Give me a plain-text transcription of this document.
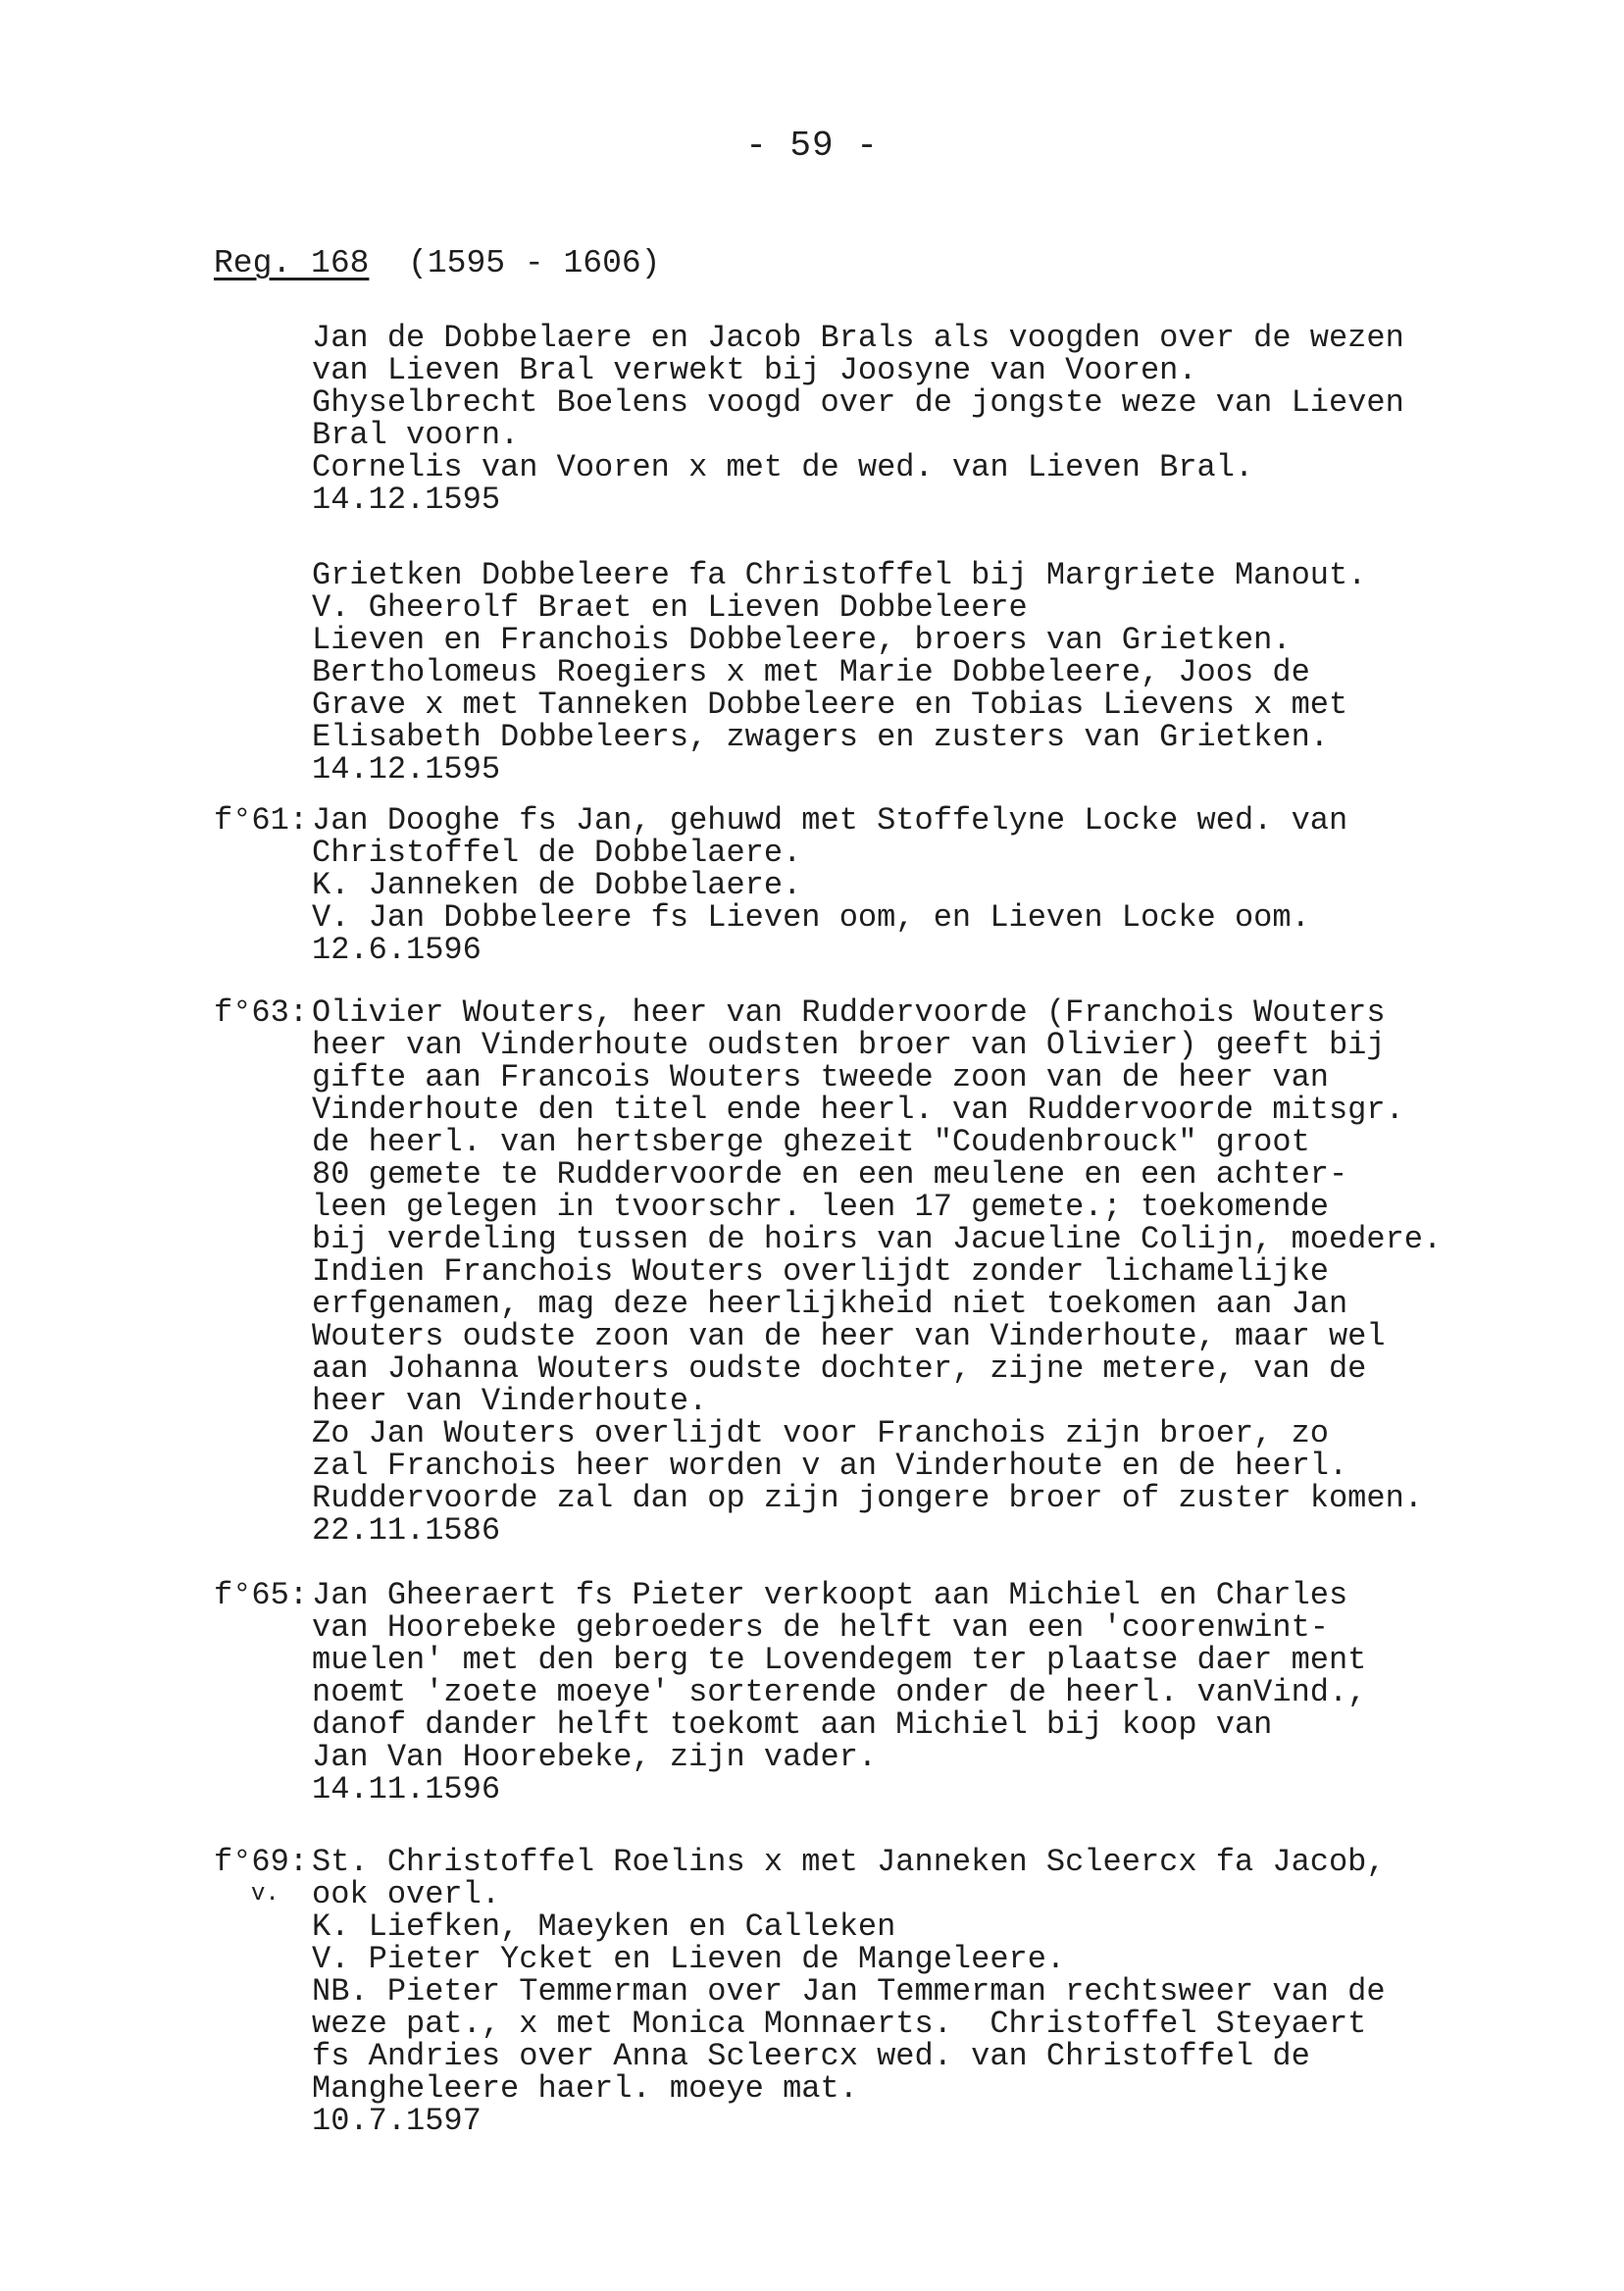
- 59 -
Reg. 168 (1595 - 1606)
Jan de Dobbelaere en Jacob Brals als voogden over de wezen
van Lieven Bral verwekt bij Joosyne van Vooren.
Ghyselbrecht Boelens voogd over de jongste weze van Lieven
Bral voorn.
Cornelis van Vooren x met de wed. van Lieven Bral.
14.12.1595
Grietken Dobbeleere fa Christoffel bij Margriete Manout.
V. Gheerolf Braet en Lieven Dobbeleere
Lieven en Franchois Dobbeleere, broers van Grietken.
Bertholomeus Roegiers x met Marie Dobbeleere, Joos de
Grave x met Tanneken Dobbeleere en Tobias Lievens x met
Elisabeth Dobbeleers, zwagers en zusters van Grietken.
14.12.1595
f°61: Jan Dooghe fs Jan, gehuwd met Stoffelyne Locke wed. van
Christoffel de Dobbelaere.
K. Janneken de Dobbelaere.
V. Jan Dobbeleere fs Lieven oom, en Lieven Locke oom.
12.6.1596
f°63: Olivier Wouters, heer van Ruddervoorde (Franchois Wouters
heer van Vinderhoute oudsten broer van Olivier) geeft bij
gifte aan Francois Wouters tweede zoon van de heer van
Vinderhoute den titel ende heerl. van Ruddervoorde mitsgr.
de heerl. van hertsberge ghezeit "Coudenbrouck" groot
80 gemete te Ruddervoorde en een meulene en een achter-
leen gelegen in tvoorschr. leen 17 gemete.; toekomende
bij verdeling tussen de hoirs van Jacueline Colijn, moedere.
Indien Franchois Wouters overlijdt zonder lichamelijke
erfgenamen, mag deze heerlijkheid niet toekomen aan Jan
Wouters oudste zoon van de heer van Vinderhoute, maar wel
aan Johanna Wouters oudste dochter, zijne metere, van de
heer van Vinderhoute.
Zo Jan Wouters overlijdt voor Franchois zijn broer, zo
zal Franchois heer worden v an Vinderhoute en de heerl.
Ruddervoorde zal dan op zijn jongere broer of zuster komen.
22.11.1586
f°65: Jan Gheeraert fs Pieter verkoopt aan Michiel en Charles
van Hoorebeke gebroeders de helft van een 'coorenwint-
muelen' met den berg te Lovendegem ter plaatse daer ment
noemt 'zoete moeye' sorterende onder de heerl. vanVind.,
danof dander helft toekomt aan Michiel bij koop van
Jan Van Hoorebeke, zijn vader.
14.11.1596
f°69:
v.
St. Christoffel Roelins x met Janneken Scleercx fa Jacob,
ook overl.
K. Liefken, Maeyken en Calleken
V. Pieter Ycket en Lieven de Mangeleere.
NB. Pieter Temmerman over Jan Temmerman rechtsweer van de
weze pat., x met Monica Monnaerts.  Christoffel Steyaert
fs Andries over Anna Scleercx wed. van Christoffel de
Mangheleere haerl. moeye mat.
10.7.1597
